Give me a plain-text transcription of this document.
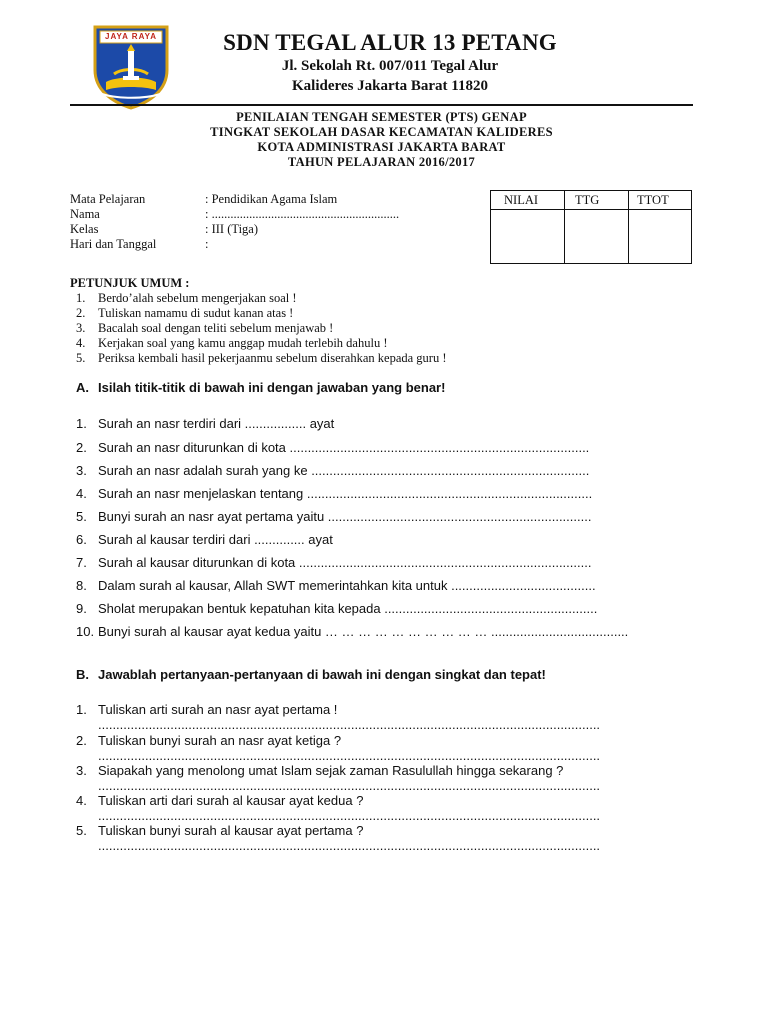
JAYA RAYA	SDN TEGAL ALUR 13 PETANG
Jl. Sekolah Rt. 007/011 Tegal Alur
Kalideres Jakarta Barat 11820
PENILAIAN TENGAH SEMESTER (PTS) GENAP
TINGKAT SEKOLAH DASAR KECAMATAN KALIDERES
KOTA ADMINISTRASI JAKARTA BARAT
TAHUN PELAJARAN 2016/2017
Mata Pelajaran	: Pendidikan Agama Islam
Nama	: ............................................................
Kelas	: III (Tiga)
Hari dan Tanggal	:
NILAI	TTG	TTOT
PETUNJUK UMUM :
1. Berdo’alah sebelum mengerjakan soal !
2. Tuliskan namamu di sudut kanan atas !
3. Bacalah soal dengan teliti sebelum menjawab !
4. Kerjakan soal yang kamu anggap mudah terlebih dahulu !
5. Periksa kembali hasil pekerjaanmu sebelum diserahkan kepada guru !
A. Isilah titik-titik di bawah ini dengan jawaban yang benar!
1. Surah an nasr terdiri dari ................. ayat
2. Surah an nasr diturunkan di kota ...................................................................................
3. Surah an nasr adalah surah yang ke .............................................................................
4. Surah an nasr menjelaskan tentang ...............................................................................
5. Bunyi surah an nasr ayat pertama yaitu .........................................................................
6. Surah al kausar terdiri dari .............. ayat
7. Surah al kausar diturunkan di kota .................................................................................
8. Dalam surah al kausar, Allah SWT memerintahkan kita untuk ........................................
9. Sholat merupakan bentuk kepatuhan kita kepada ...........................................................
10. Bunyi surah al kausar ayat kedua yaitu … … … … … … … … … … ......................................
B. Jawablah pertanyaan-pertanyaan di bawah ini dengan singkat dan tepat!
1. Tuliskan arti surah an nasr ayat pertama !
...........................................................................................................................................
2. Tuliskan bunyi surah an nasr ayat ketiga ?
...........................................................................................................................................
3. Siapakah yang menolong umat Islam sejak zaman Rasulullah hingga sekarang ?
...........................................................................................................................................
4. Tuliskan arti dari surah al kausar ayat kedua ?
...........................................................................................................................................
5. Tuliskan bunyi surah al kausar ayat pertama ?
...........................................................................................................................................
